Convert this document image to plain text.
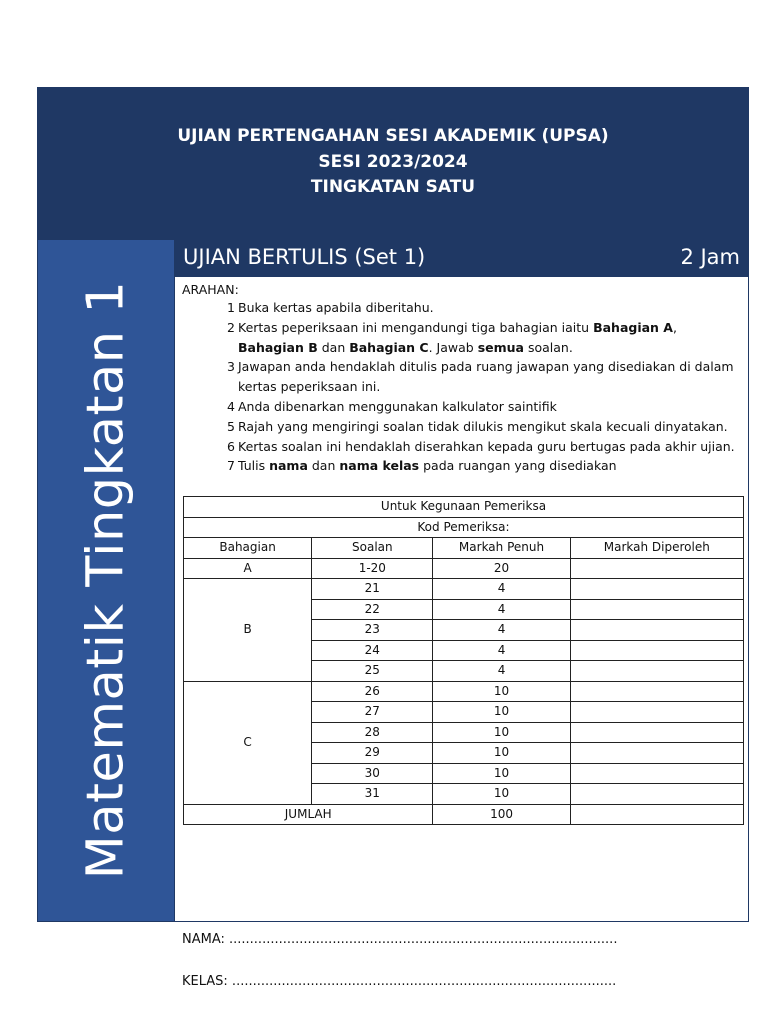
UJIAN PERTENGAHAN SESI AKADEMIK (UPSA)
SESI 2023/2024
TINGKATAN SATU
Matematik Tingkatan 1
UJIAN BERTULIS (Set 1)	2 Jam
ARAHAN:
1 Buka kertas apabila diberitahu.
2 Kertas peperiksaan ini mengandungi tiga bahagian iaitu Bahagian A, Bahagian B dan Bahagian C. Jawab semua soalan.
3 Jawapan anda hendaklah ditulis pada ruang jawapan yang disediakan di dalam kertas peperiksaan ini.
4 Anda dibenarkan menggunakan kalkulator saintifik
5 Rajah yang mengiringi soalan tidak dilukis mengikut skala kecuali dinyatakan.
6 Kertas soalan ini hendaklah diserahkan kepada guru bertugas pada akhir ujian.
7 Tulis nama dan nama kelas pada ruangan yang disediakan
Untuk Kegunaan Pemeriksa			
Kod Pemeriksa:			
Bahagian	Soalan	Markah Penuh	Markah Diperoleh
A	1-20	20	
B	21	4	
	22	4	
	23	4	
	24	4	
	25	4	
C	26	10	
	27	10	
	28	10	
	29	10	
	30	10	
	31	10	
JUMLAH		100	
NAMA: ..............................................................................................
KELAS: .............................................................................................
